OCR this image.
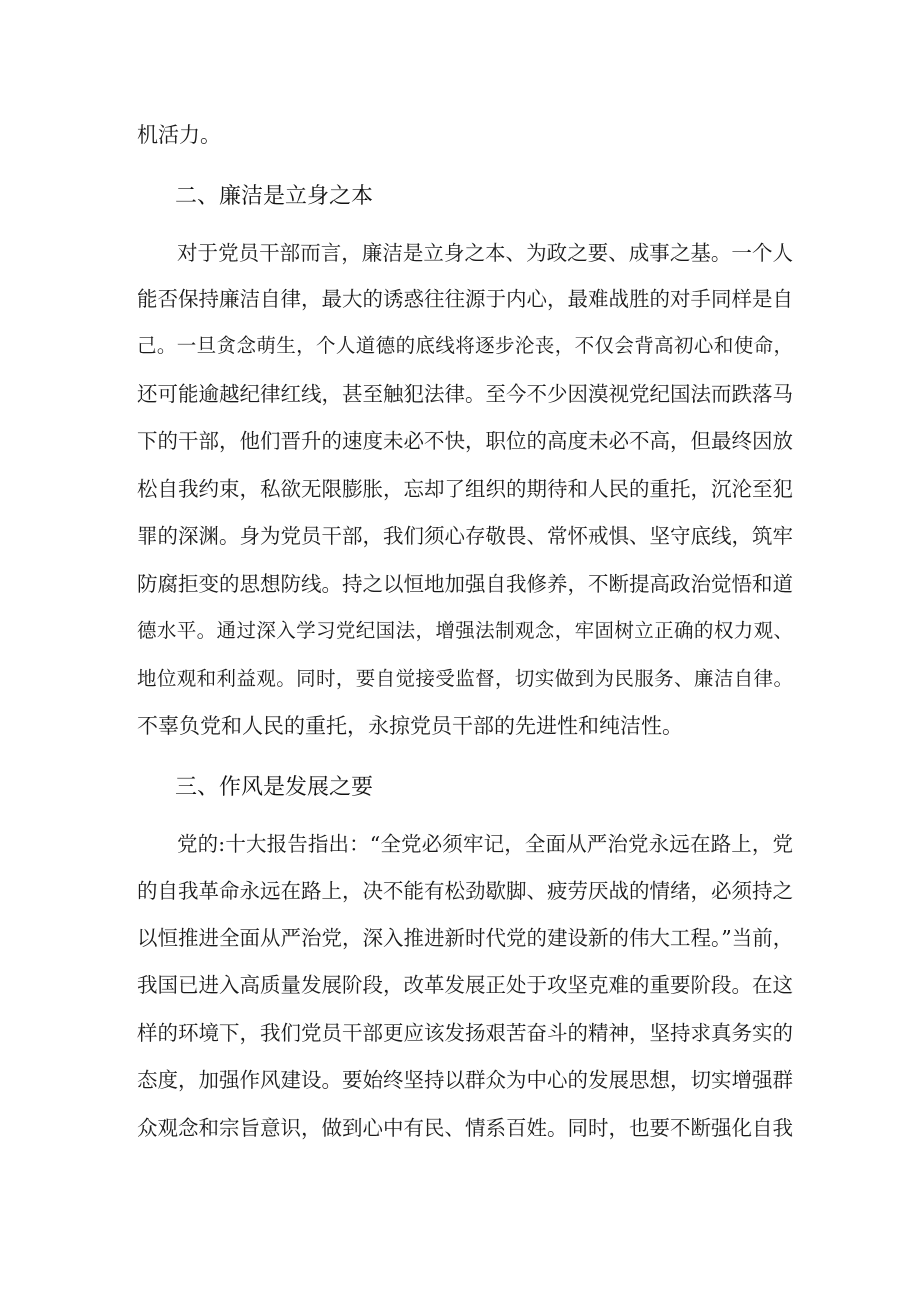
机活力。
二、廉洁是立身之本
对于党员干部而言，廉洁是立身之本、为政之要、成事之基。一个人
能否保持廉洁自律，最大的诱惑往往源于内心，最难战胜的对手同样是自
己。一旦贪念萌生，个人道德的底线将逐步沦丧，不仅会背高初心和使命，
还可能逾越纪律红线，甚至触犯法律。至今不少因漠视党纪国法而跌落马
下的干部，他们晋升的速度未必不快，职位的高度未必不高，但最终因放
松自我约束，私欲无限膨胀，忘却了组织的期待和人民的重托，沉沦至犯
罪的深渊。身为党员干部，我们须心存敬畏、常怀戒惧、坚守底线，筑牢
防腐拒变的思想防线。持之以恒地加强自我修养，不断提高政治觉悟和道
德水平。通过深入学习党纪国法，增强法制观念，牢固树立正确的权力观、
地位观和利益观。同时，要自觉接受监督，切实做到为民服务、廉洁自律。
不辜负党和人民的重托，永掠党员干部的先进性和纯洁性。
三、作风是发展之要
党的:十大报告指出：“全党必须牢记，全面从严治党永远在路上，党
的自我革命永远在路上，决不能有松劲歇脚、疲劳厌战的情绪，必须持之
以恒推进全面从严治党，深入推进新时代党的建设新的伟大工程。”当前，
我国已进入高质量发展阶段，改革发展正处于攻坚克难的重要阶段。在这
样的环境下，我们党员干部更应该发扬艰苦奋斗的精神，坚持求真务实的
态度，加强作风建设。要始终坚持以群众为中心的发展思想，切实增强群
众观念和宗旨意识，做到心中有民、情系百姓。同时，也要不断强化自我
